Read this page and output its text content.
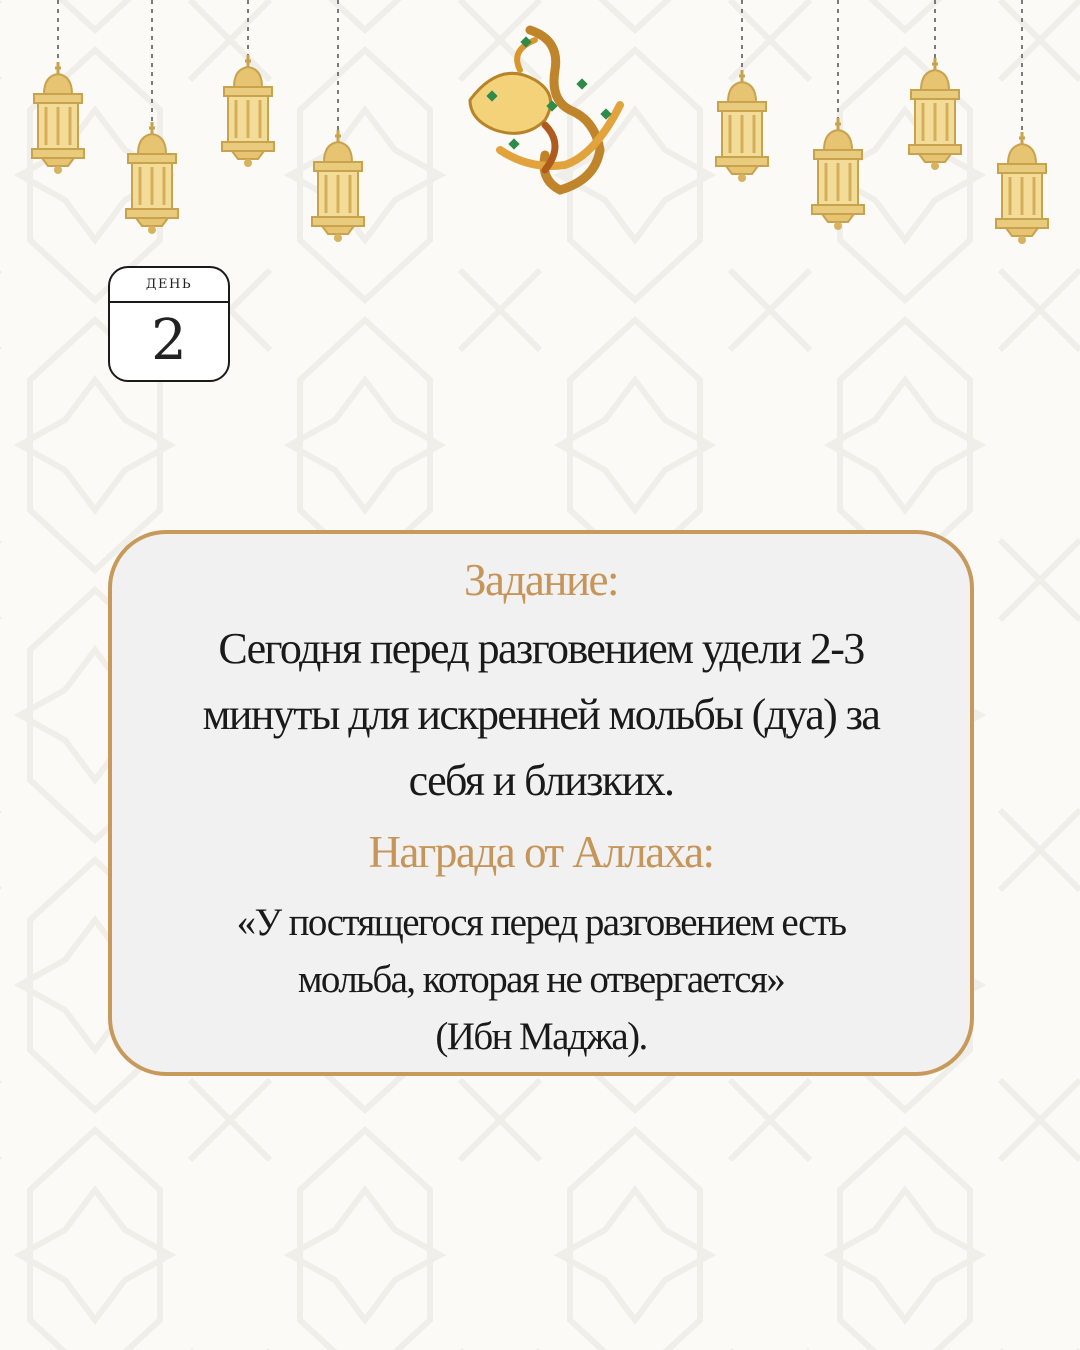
ДЕНЬ
2
Задание:
Сегодня перед разговением удели 2-3
минуты для искренней мольбы (дуа) за
себя и близких.
Награда от Аллаха:
«У постящегося перед разговением есть
мольба, которая не отвергается»
(Ибн Маджа).
